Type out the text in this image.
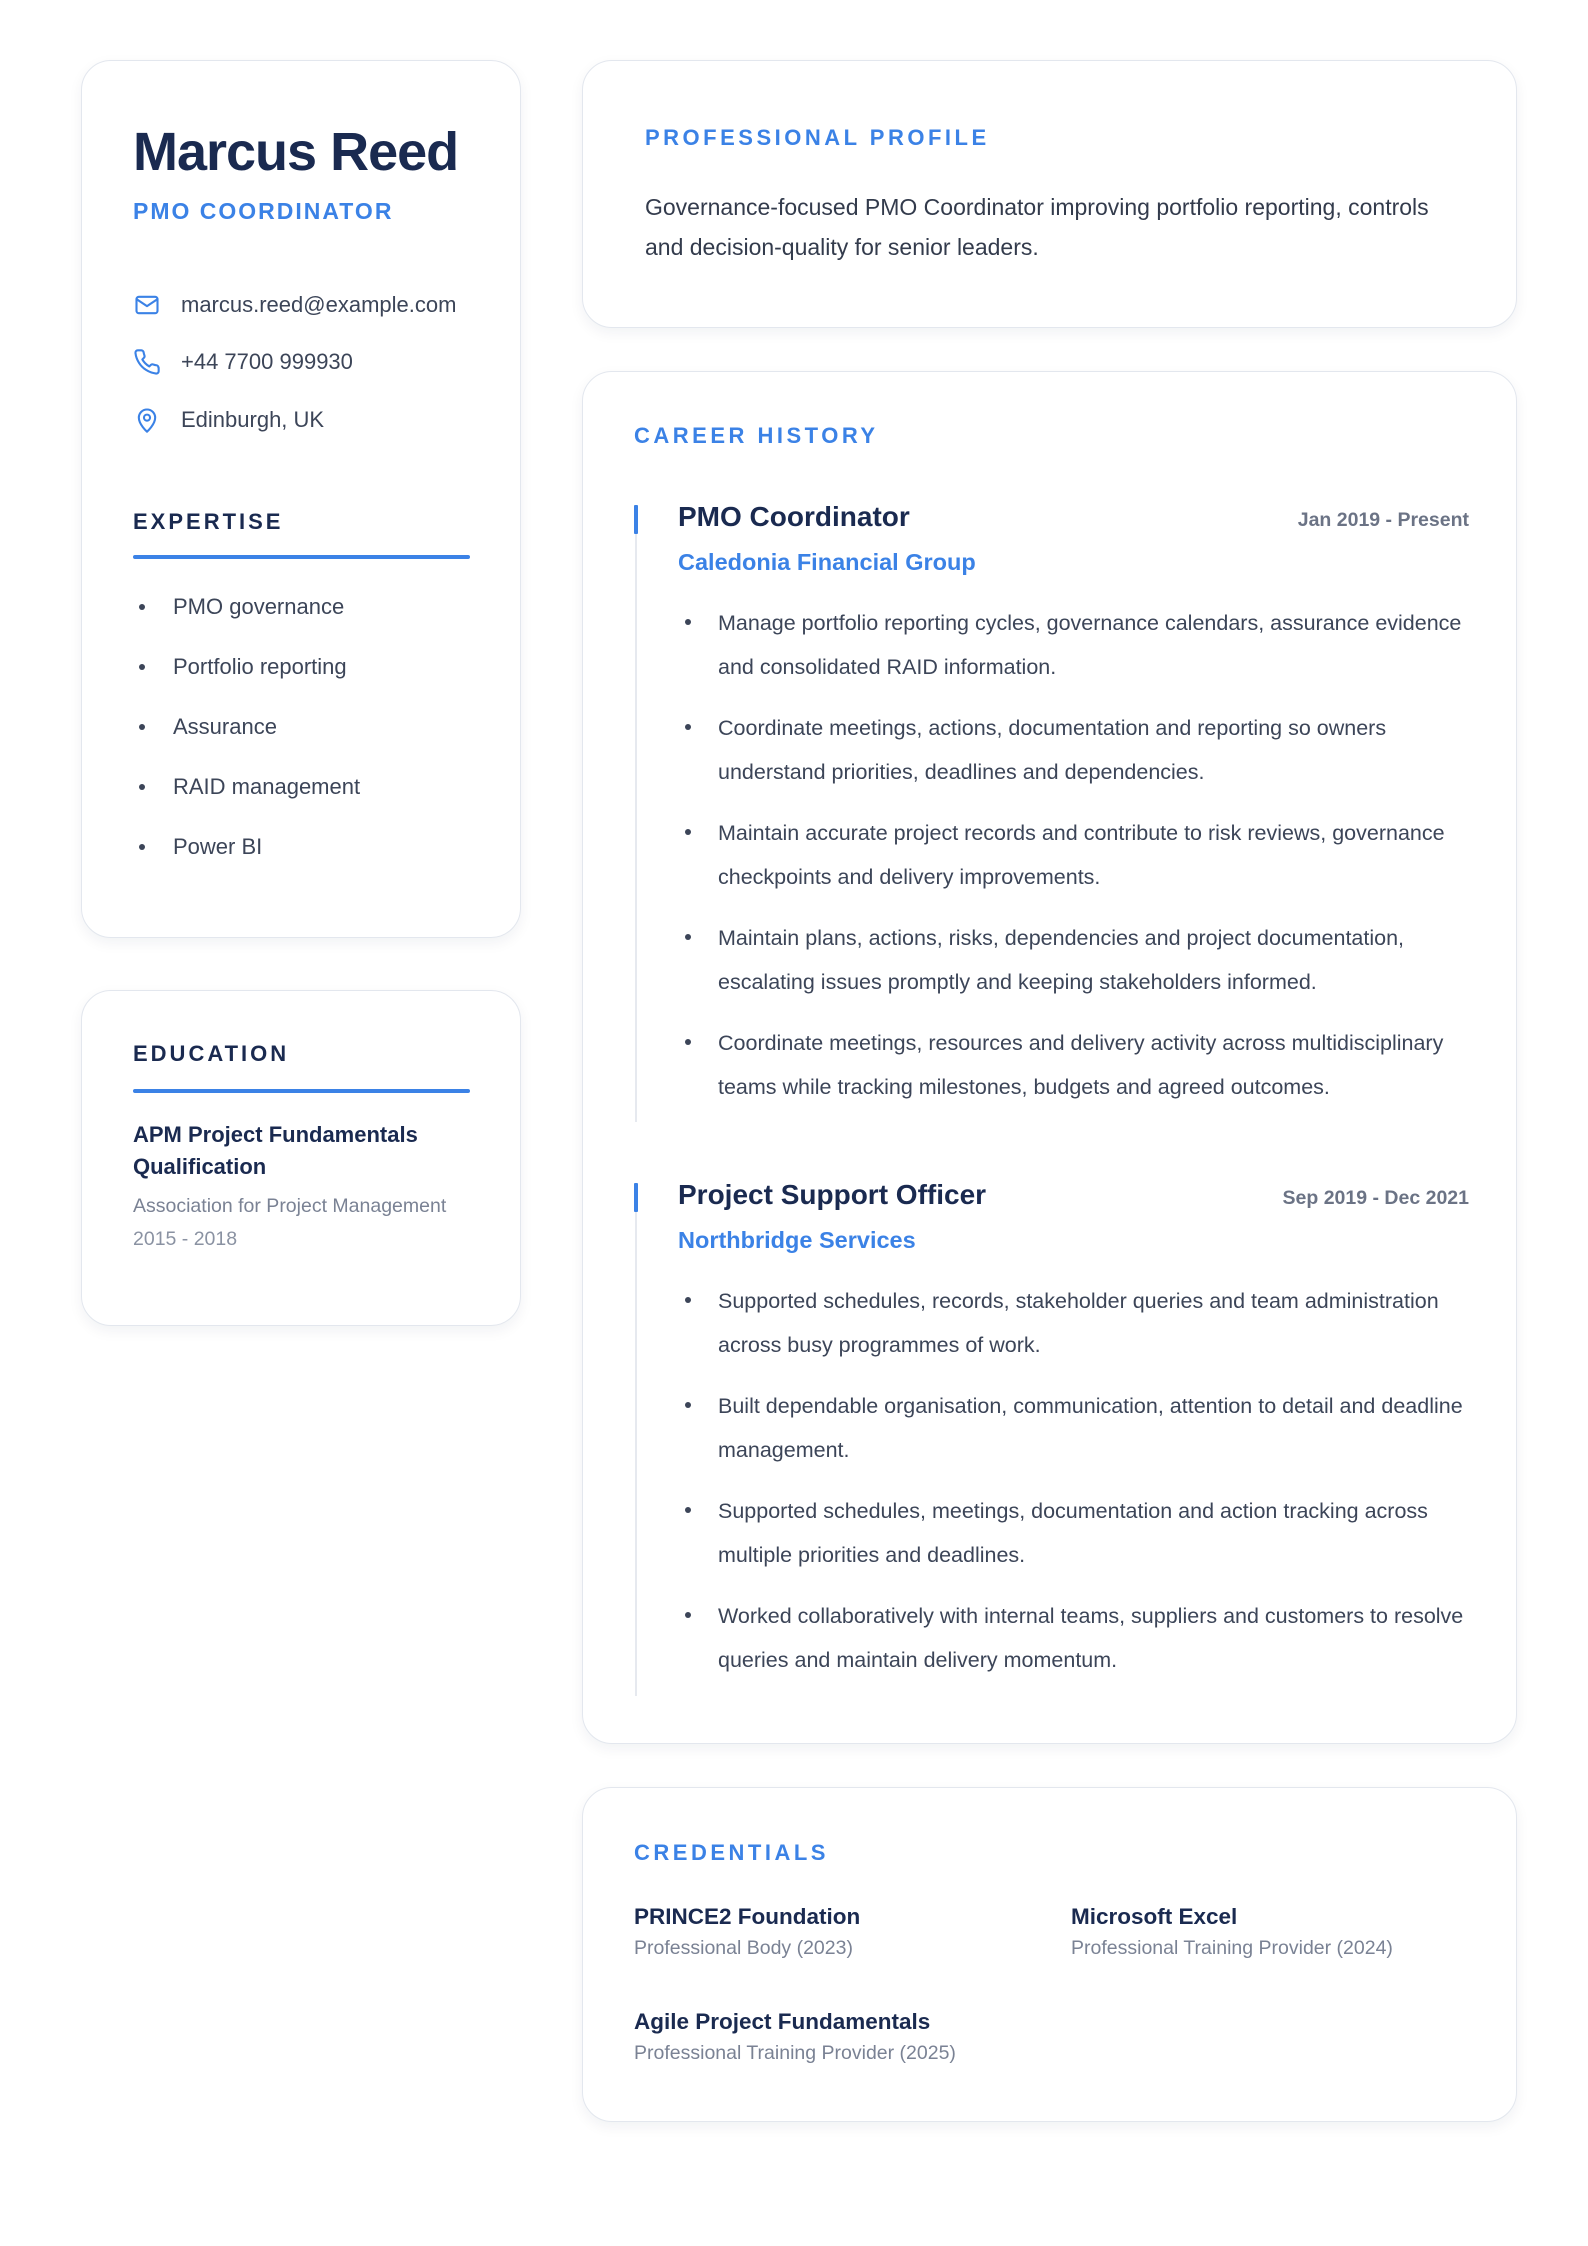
Marcus Reed
PMO COORDINATOR
marcus.reed@example.com
+44 7700 999930
Edinburgh, UK
EXPERTISE
PMO governance
Portfolio reporting
Assurance
RAID management
Power BI
EDUCATION
APM Project Fundamentals Qualification
Association for Project Management
2015 - 2018
PROFESSIONAL PROFILE

Governance-focused PMO Coordinator improving portfolio reporting, controls and decision-quality for senior leaders.

CAREER HISTORY
PMO Coordinator	Jan 2019 - Present
Caledonia Financial Group

Manage portfolio reporting cycles, governance calendars, assurance evidence and consolidated RAID information.

Coordinate meetings, actions, documentation and reporting so owners understand priorities, deadlines and dependencies.

Maintain accurate project records and contribute to risk reviews, governance checkpoints and delivery improvements.

Maintain plans, actions, risks, dependencies and project documentation, escalating issues promptly and keeping stakeholders informed.

Coordinate meetings, resources and delivery activity across multidisciplinary teams while tracking milestones, budgets and agreed outcomes.

Project Support Officer	Sep 2019 - Dec 2021
Northbridge Services

Supported schedules, records, stakeholder queries and team administration across busy programmes of work.

Built dependable organisation, communication, attention to detail and deadline management.

Supported schedules, meetings, documentation and action tracking across multiple priorities and deadlines.

Worked collaboratively with internal teams, suppliers and customers to resolve queries and maintain delivery momentum.

CREDENTIALS
PRINCE2 Foundation
Professional Body (2023)
Microsoft Excel
Professional Training Provider (2024)
Agile Project Fundamentals
Professional Training Provider (2025)
